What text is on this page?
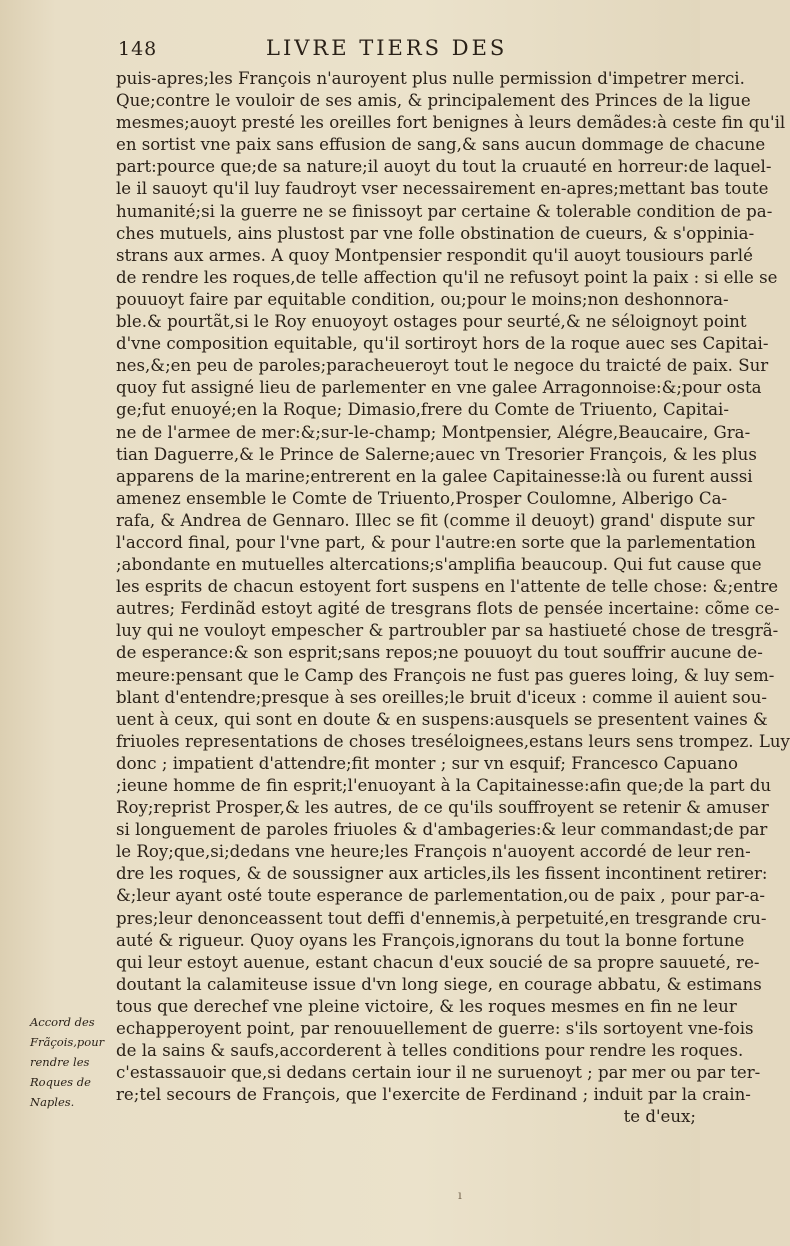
148	LIVRE TIERS DES
puis-apres;les François n'auroyent plus nulle permission d'impetrer merci.
Que;contre le vouloir de ses amis, & principalement des Princes de la ligue
mesmes;auoyt presté les oreilles fort benignes à leurs demãdes:à ceste fin qu'il
en sortist vne paix sans effusion de sang,& sans aucun dommage de chacune
part:pource que;de sa nature;il auoyt du tout la cruauté en horreur:de laquel-
le il sauoyt qu'il luy faudroyt vser necessairement en-apres;mettant bas toute
humanité;si la guerre ne se finissoyt par certaine & tolerable condition de pa-
ches mutuels, ains plustost par vne folle obstination de cueurs, & s'oppinia-
strans aux armes. A quoy Montpensier respondit qu'il auoyt tousiours parlé
de rendre les roques,de telle affection qu'il ne refusoyt point la paix : si elle se
pouuoyt faire par equitable condition, ou;pour le moins;non deshonnora-
ble.& pourtãt,si le Roy enuoyoyt ostages pour seurté,& ne séloignoyt point
d'vne composition equitable, qu'il sortiroyt hors de la roque auec ses Capitai-
nes,&;en peu de paroles;paracheueroyt tout le negoce du traicté de paix. Sur
quoy fut assigné lieu de parlementer en vne galee Arragonnoise:&;pour osta
ge;fut enuoyé;en la Roque; Dimasio,frere du Comte de Triuento, Capitai-
ne de l'armee de mer:&;sur-le-champ; Montpensier, Alégre,Beaucaire, Gra-
tian Daguerre,& le Prince de Salerne;auec vn Tresorier François, & les plus
apparens de la marine;entrerent en la galee Capitainesse:là ou furent aussi
amenez ensemble le Comte de Triuento,Prosper Coulomne, Alberigo Ca-
rafa, & Andrea de Gennaro. Illec se fit (comme il deuoyt) grand' dispute sur
l'accord final, pour l'vne part, & pour l'autre:en sorte que la parlementation
;abondante en mutuelles altercations;s'amplifia beaucoup. Qui fut cause que
les esprits de chacun estoyent fort suspens en l'attente de telle chose: &;entre
autres; Ferdinãd estoyt agité de tresgrans flots de pensée incertaine: cõme ce-
luy qui ne vouloyt empescher & partroubler par sa hastiueté chose de tresgrã-
de esperance:& son esprit;sans repos;ne pouuoyt du tout souffrir aucune de-
meure:pensant que le Camp des François ne fust pas gueres loing, & luy sem-
blant d'entendre;presque à ses oreilles;le bruit d'iceux : comme il auient sou-
uent à ceux, qui sont en doute & en suspens:ausquels se presentent vaines &
friuoles representations de choses treséloignees,estans leurs sens trompez. Luy
donc ; impatient d'attendre;fit monter ; sur vn esquif; Francesco Capuano
;ieune homme de fin esprit;l'enuoyant à la Capitainesse:afin que;de la part du
Roy;reprist Prosper,& les autres, de ce qu'ils souffroyent se retenir & amuser
si longuement de paroles friuoles & d'ambageries:& leur commandast;de par
le Roy;que,si;dedans vne heure;les François n'auoyent accordé de leur ren-
dre les roques, & de soussigner aux articles,ils les fissent incontinent retirer:
&;leur ayant osté toute esperance de parlementation,ou de paix , pour par-a-
pres;leur denonceassent tout deffi d'ennemis,à perpetuité,en tresgrande cru-
auté & rigueur. Quoy oyans les François,ignorans du tout la bonne fortune
qui leur estoyt auenue, estant chacun d'eux soucié de sa propre sauueté, re-
doutant la calamiteuse issue d'vn long siege, en courage abbatu, & estimans
tous que derechef vne pleine victoire, & les roques mesmes en fin ne leur
echapperoyent point, par renouuellement de guerre: s'ils sortoyent vne-fois
de la sains & saufs,accorderent à telles conditions pour rendre les roques.
c'estassauoir que,si dedans certain iour il ne suruenoyt ; par mer ou par ter-
re;tel secours de François, que l'exercite de Ferdinand ; induit par la crain-
te d'eux;
Accord des
Frãçois,pour
rendre les
Roques de
Naples.
ı
